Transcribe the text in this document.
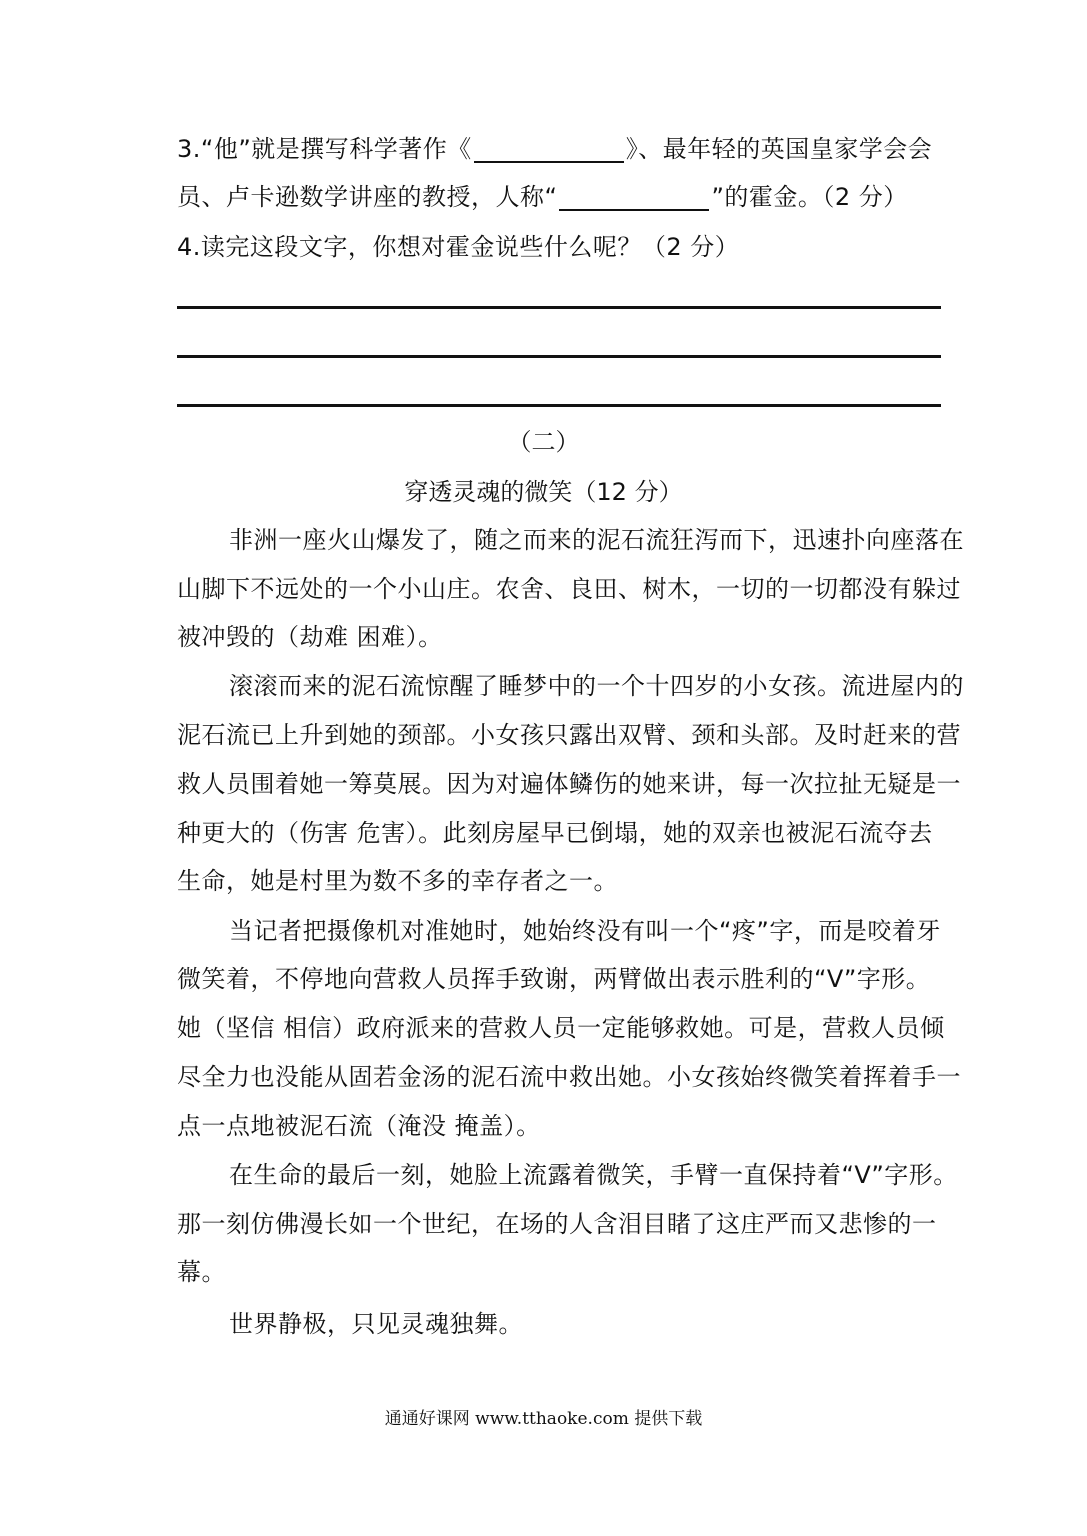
3.“他”就是撰写科学著作《	》、最年轻的英国皇家学会会
员、卢卡逊数学讲座的教授，人称“	”的霍金。（2 分）
4.读完这段文字，你想对霍金说些什么呢？（2 分）
（二）
穿透灵魂的微笑（12 分）
非洲一座火山爆发了，随之而来的泥石流狂泻而下，迅速扑向座落在
山脚下不远处的一个小山庄。农舍、良田、树木，一切的一切都没有躲过
被冲毁的（劫难 困难）。
滚滚而来的泥石流惊醒了睡梦中的一个十四岁的小女孩。流进屋内的
泥石流已上升到她的颈部。小女孩只露出双臂、颈和头部。及时赶来的营
救人员围着她一筹莫展。因为对遍体鳞伤的她来讲，每一次拉扯无疑是一
种更大的（伤害 危害）。此刻房屋早已倒塌，她的双亲也被泥石流夺去
生命，她是村里为数不多的幸存者之一。
当记者把摄像机对准她时，她始终没有叫一个“疼”字，而是咬着牙
微笑着，不停地向营救人员挥手致谢，两臂做出表示胜利的“V”字形。
她（坚信 相信）政府派来的营救人员一定能够救她。可是，营救人员倾
尽全力也没能从固若金汤的泥石流中救出她。小女孩始终微笑着挥着手一
点一点地被泥石流（淹没 掩盖）。
在生命的最后一刻，她脸上流露着微笑，手臂一直保持着“V”字形。
那一刻仿佛漫长如一个世纪，在场的人含泪目睹了这庄严而又悲惨的一
幕。
世界静极，只见灵魂独舞。
通通好课网 www.tthaoke.com 提供下载
